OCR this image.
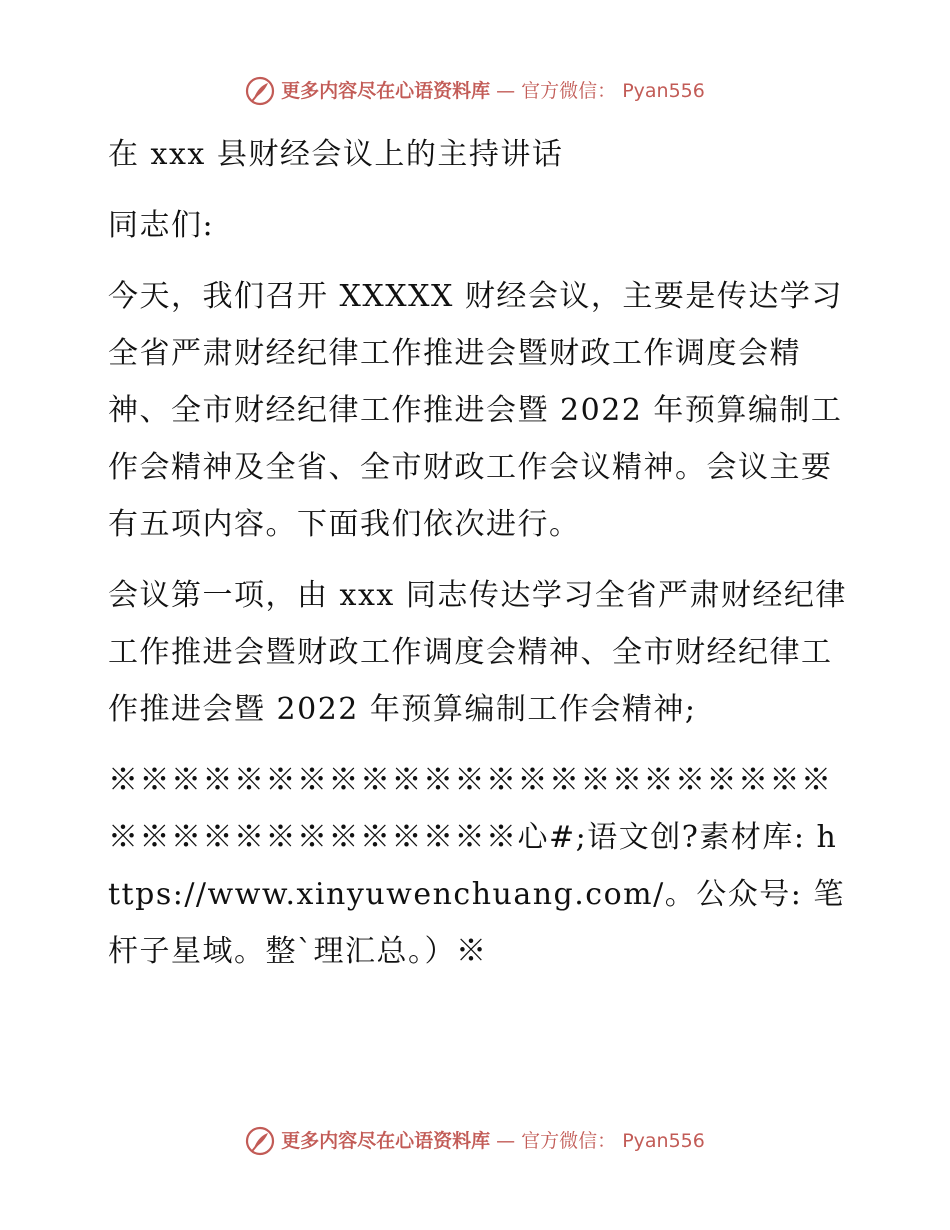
更多内容尽在心语资料库 — 官方微信： Pyan556

在 xxx 县财经会议上的主持讲话

同志们:

今天，我们召开 XXXXX 财经会议，主要是传达学习全省严肃财经纪律工作推进会暨财政工作调度会精神、全市财经纪律工作推进会暨 2022 年预算编制工作会精神及全省、全市财政工作会议精神。会议主要有五项内容。下面我们依次进行。

会议第一项，由 xxx 同志传达学习全省严肃财经纪律工作推进会暨财政工作调度会精神、全市财经纪律工作推进会暨 2022 年预算编制工作会精神;

※※※※※※※※※※※※※※※※※※※※※※※※※※※※※※※※※※※※心#;语文创?素材库: https://www.xinyuwenchuang.com/。公众号: 笔杆子星域。整`理汇总。）※

更多内容尽在心语资料库 — 官方微信： Pyan556
